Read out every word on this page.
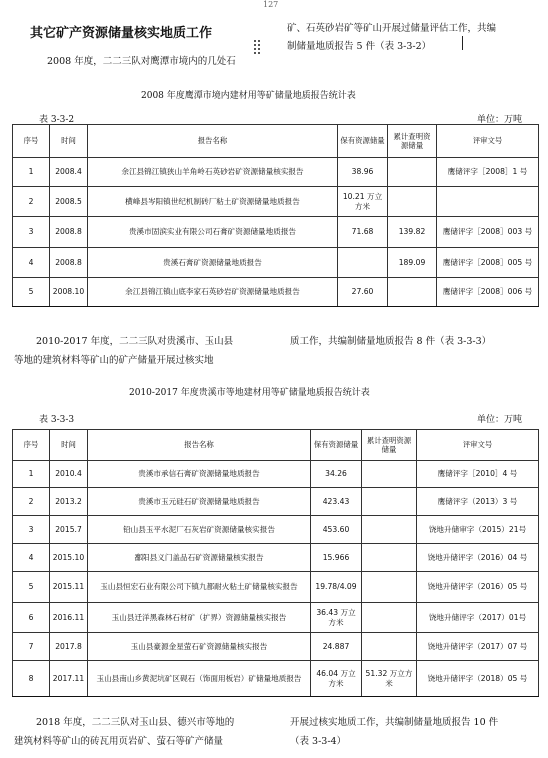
127
其它矿产资源储量核实地质工作
2008 年度，二二三队对鹰潭市境内的几处石
矿、石英砂岩矿等矿山开展过储量评估工作，共编
制储量地质报告 5 件（表 3-3-2）
2008 年度鹰潭市境内建材用等矿储量地质报告统计表
表 3-3-2	单位：万吨
序号	时间	报告名称	保有资源储量	累计查明资源储量	评审文号
1	2008.4	余江县锦江镇狭山羊角岭石英砂岩矿资源储量核实报告	38.96		鹰储评字［2008］1 号
2	2008.5	横峰县岑阳镇世纪机制砖厂粘土矿资源储量地质报告	10.21 万立方米		
3	2008.8	贵溪市固滨实业有限公司石膏矿资源储量地质报告	71.68	139.82	鹰储评字［2008］003 号
4	2008.8	贵溪石膏矿资源储量地质报告		189.09	鹰储评字［2008］005 号
5	2008.10	余江县锦江镇山底李家石英砂岩矿资源储量地质报告	27.60		鹰储评字［2008］006 号
2010-2017 年度，二二三队对贵溪市、玉山县
等地的建筑材料等矿山的矿产储量开展过核实地
质工作，共编制储量地质报告 8 件（表 3-3-3）
2010-2017 年度贵溪市等地建材用等矿储量地质报告统计表
表 3-3-3	单位：万吨
序号	时间	报告名称	保有资源储量	累计查明资源储量	评审文号
1	2010.4	贵溪市承信石膏矿资源储量地质报告	34.26		鹰储评字［2010］4 号
2	2013.2	贵溪市玉元硅石矿资源储量地质报告	423.43		鹰储评字（2013）3 号
3	2015.7	铅山县玉平水泥厂石灰岩矿资源储量核实报告	453.60		饶地升储审字（2015）21号
4	2015.10	鄱阳县义门盖品石矿资源储量核实报告	15.966		饶地升储评字（2016）04 号
5	2015.11	玉山县恒宏石业有限公司下镇九都耐火粘土矿储量核实报告	19.78/4.09		饶地升储评字（2016）05 号
6	2016.11	玉山县迁洋黑森林石材矿（扩界）资源储量核实报告	36.43 万立方米		饶地升储评字（2017）01号
7	2017.8	玉山县豪源金星萤石矿资源储量核实报告	24.887		饶地升储评字（2017）07 号
8	2017.11	玉山县南山乡黄泥坑矿区砚石（饰面用板岩）矿储量地质报告	46.04 万立方米	51.32 万立方米	饶地升储评字（2018）05 号
2018 年度，二二三队对玉山县、德兴市等地的
建筑材料等矿山的砖瓦用页岩矿、萤石等矿产储量
开展过核实地质工作，共编制储量地质报告 10 件
（表 3-3-4）
